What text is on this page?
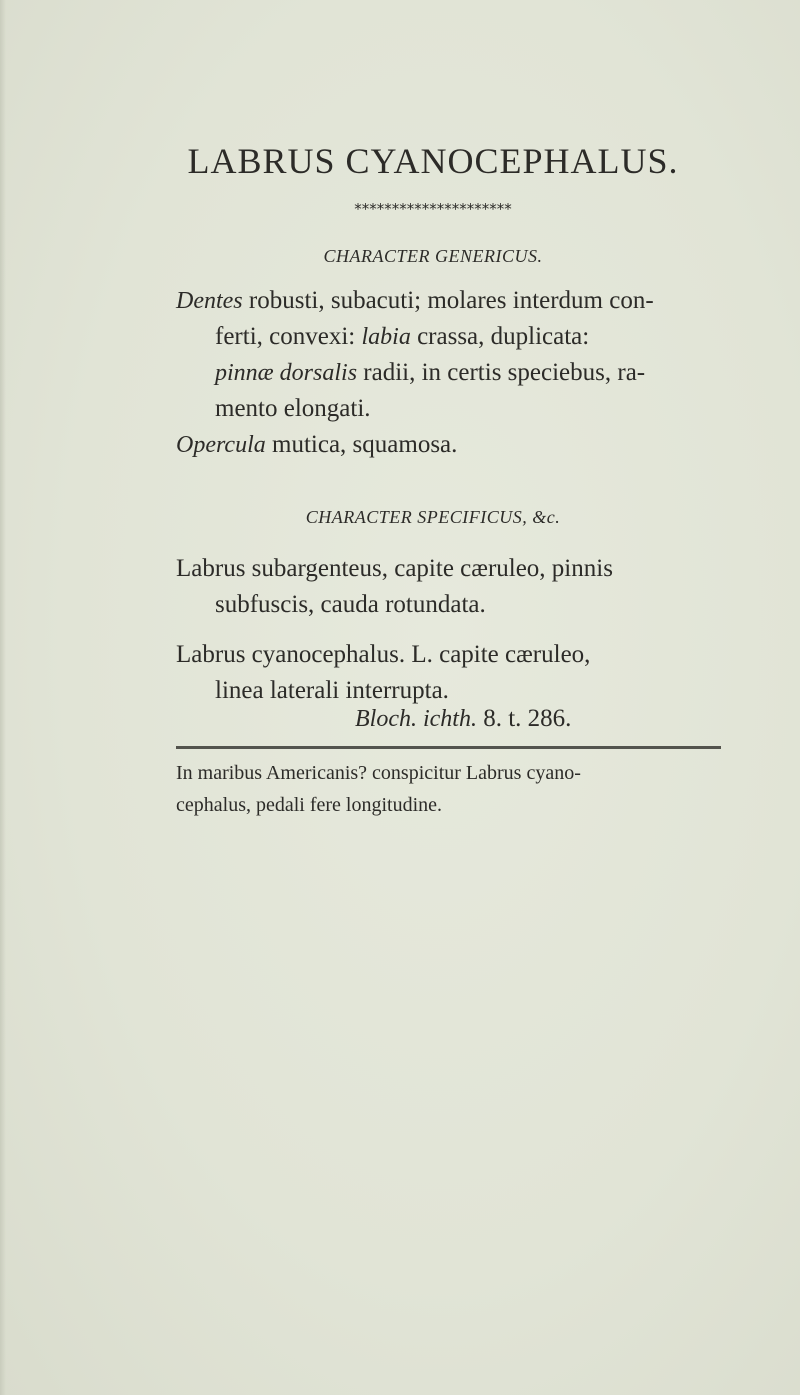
LABRUS CYANOCEPHALUS.
*********************
CHARACTER GENERICUS.
Dentes robusti, subacuti; molares interdum con-
ferti, convexi: labia crassa, duplicata:
pinnæ dorsalis radii, in certis speciebus, ra-
mento elongati.
Opercula mutica, squamosa.
CHARACTER SPECIFICUS, &c.
Labrus subargenteus, capite cæruleo, pinnis
subfuscis, cauda rotundata.
Labrus cyanocephalus. L. capite cæruleo,
linea laterali interrupta.
Bloch. ichth. 8. t. 286.
In maribus Americanis? conspicitur Labrus cyano-
cephalus, pedali fere longitudine.
